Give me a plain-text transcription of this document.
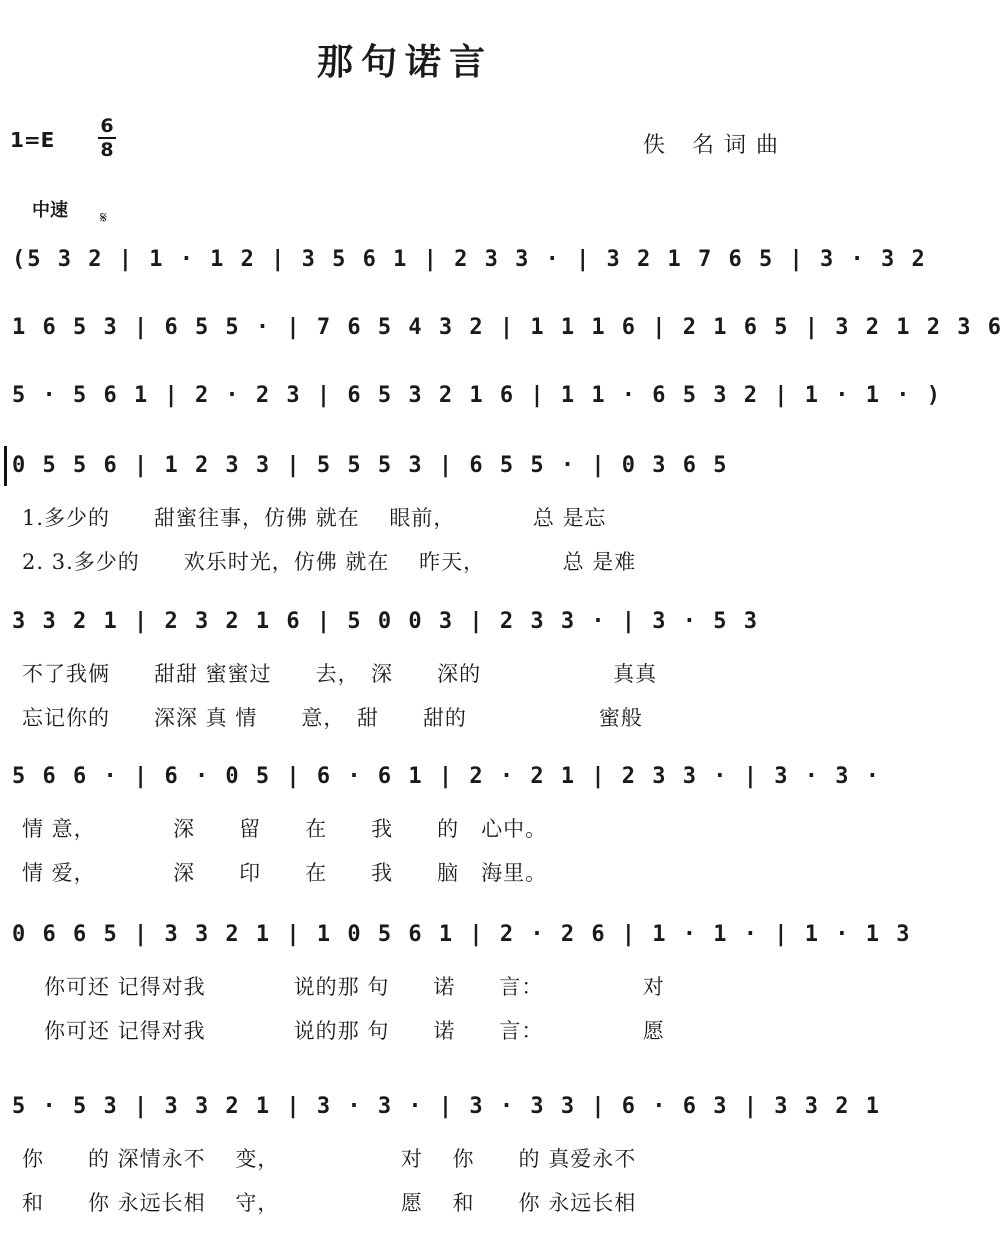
那句诺言
1=E
6
8	佚 名词曲
中速 𝄋
(5 3 2 | 1 · 1 2 | 3 5 6 1 | 2 3 3 · | 3 2 1 7 6 5 | 3 · 3 2
1 6 5 3 | 6 5 5 · | 7 6 5 4 3 2 | 1 1 1 6 | 2 1 6 5 | 3 2 1 2 3 6
5 · 5 6 1 | 2 · 2 3 | 6 5 3 2 1 6 | 1 1 · 6 5 3 2 | 1 · 1 · )
0 5 5 6 | 1 2 3 3 | 5 5 5 3 | 6 5 5 · | 0 3 6 5
1.多少的　　甜蜜往事，仿佛 就在　 眼前，　　　　总 是忘
2. 3.多少的　　欢乐时光，仿佛 就在　 昨天，　　　　总 是难
3 3 2 1 | 2 3 2 1 6 | 5 0 0 3 | 2 3 3 · | 3 · 5 3
不了我俩　　甜甜 蜜蜜过　　去，　深　　深的　　　　　　真真
忘记你的　　深深 真 情　　意，　甜　　甜的　　　　　　蜜般
5 6 6 · | 6 · 0 5 | 6 · 6 1 | 2 · 2 1 | 2 3 3 · | 3 · 3 ·
情 意，　　　　深　　留　　在　　我　　的　心中。
情 爱，　　　　深　　印　　在　　我　　脑　海里。
0 6 6 5 | 3 3 2 1 | 1 0 5 6 1 | 2 · 2 6 | 1 · 1 · | 1 · 1 3
　你可还 记得对我　　　　说的那 句　　诺　　言：　　　　　对
　你可还 记得对我　　　　说的那 句　　诺　　言：　　　　　愿
5 · 5 3 | 3 3 2 1 | 3 · 3 · | 3 · 3 3 | 6 · 6 3 | 3 3 2 1
你　　的 深情永不　 变，　　　　　　对　 你　　的 真爱永不
和　　你 永远长相　 守，　　　　　　愿　 和　　你 永远长相
